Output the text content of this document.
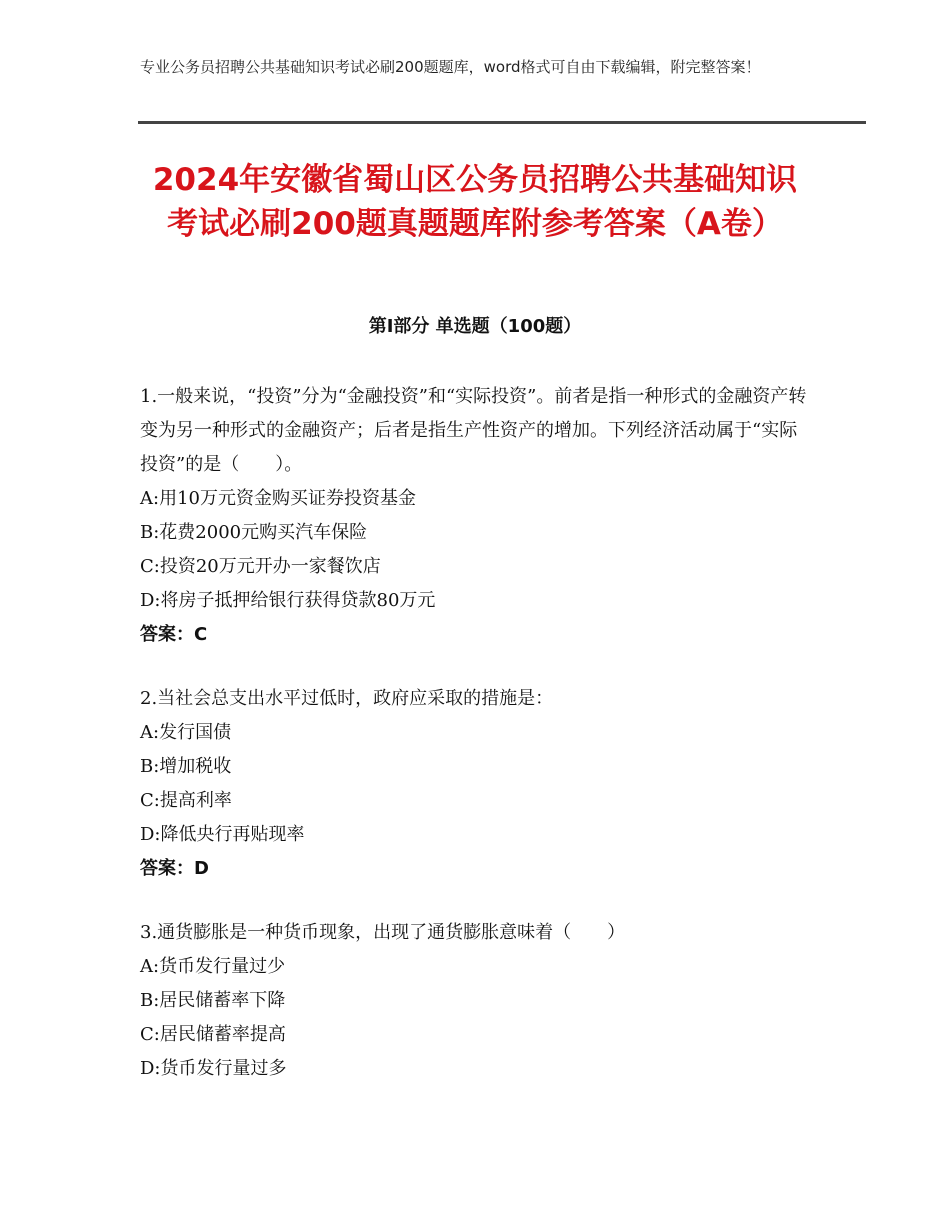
专业公务员招聘公共基础知识考试必刷200题题库，word格式可自由下载编辑，附完整答案！
2024年安徽省蜀山区公务员招聘公共基础知识考试必刷200题真题题库附参考答案（A卷）
第Ⅰ部分 单选题（100题）

1.一般来说，“投资”分为“金融投资”和“实际投资”。前者是指一种形式的金融资产转变为另一种形式的金融资产；后者是指生产性资产的增加。下列经济活动属于“实际投资”的是（　　）。

A:用10万元资金购买证券投资基金

B:花费2000元购买汽车保险

C:投资20万元开办一家餐饮店

D:将房子抵押给银行获得贷款80万元

答案：C

2.当社会总支出水平过低时，政府应采取的措施是：

A:发行国债

B:增加税收

C:提高利率

D:降低央行再贴现率

答案：D

3.通货膨胀是一种货币现象，出现了通货膨胀意味着（　　）

A:货币发行量过少

B:居民储蓄率下降

C:居民储蓄率提高

D:货币发行量过多
